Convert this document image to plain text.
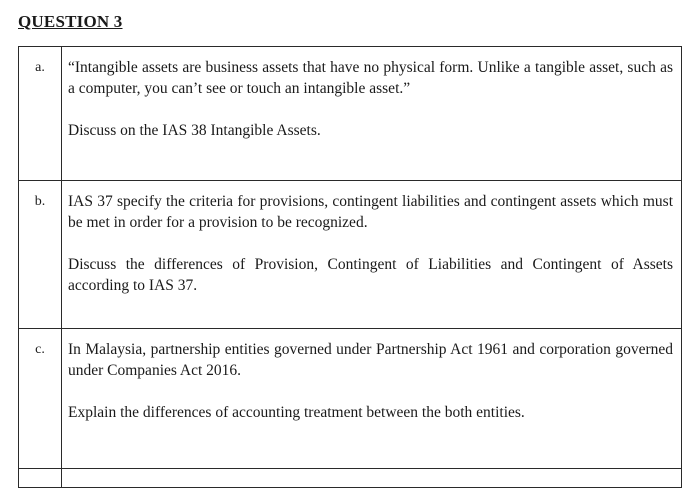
QUESTION 3
a.	“Intangible assets are business assets that have no physical form. Unlike a tangible asset, such as a computer, you can’t see or touch an intangible asset.”

Discuss on the IAS 38 Intangible Assets.

b.	IAS 37 specify the criteria for provisions, contingent liabilities and contingent assets which must be met in order for a provision to be recognized.

Discuss the differences of Provision, Contingent of Liabilities and Contingent of Assets according to IAS 37.

c.	In Malaysia, partnership entities governed under Partnership Act 1961 and corporation governed under Companies Act 2016.

Explain the differences of accounting treatment between the both entities.
